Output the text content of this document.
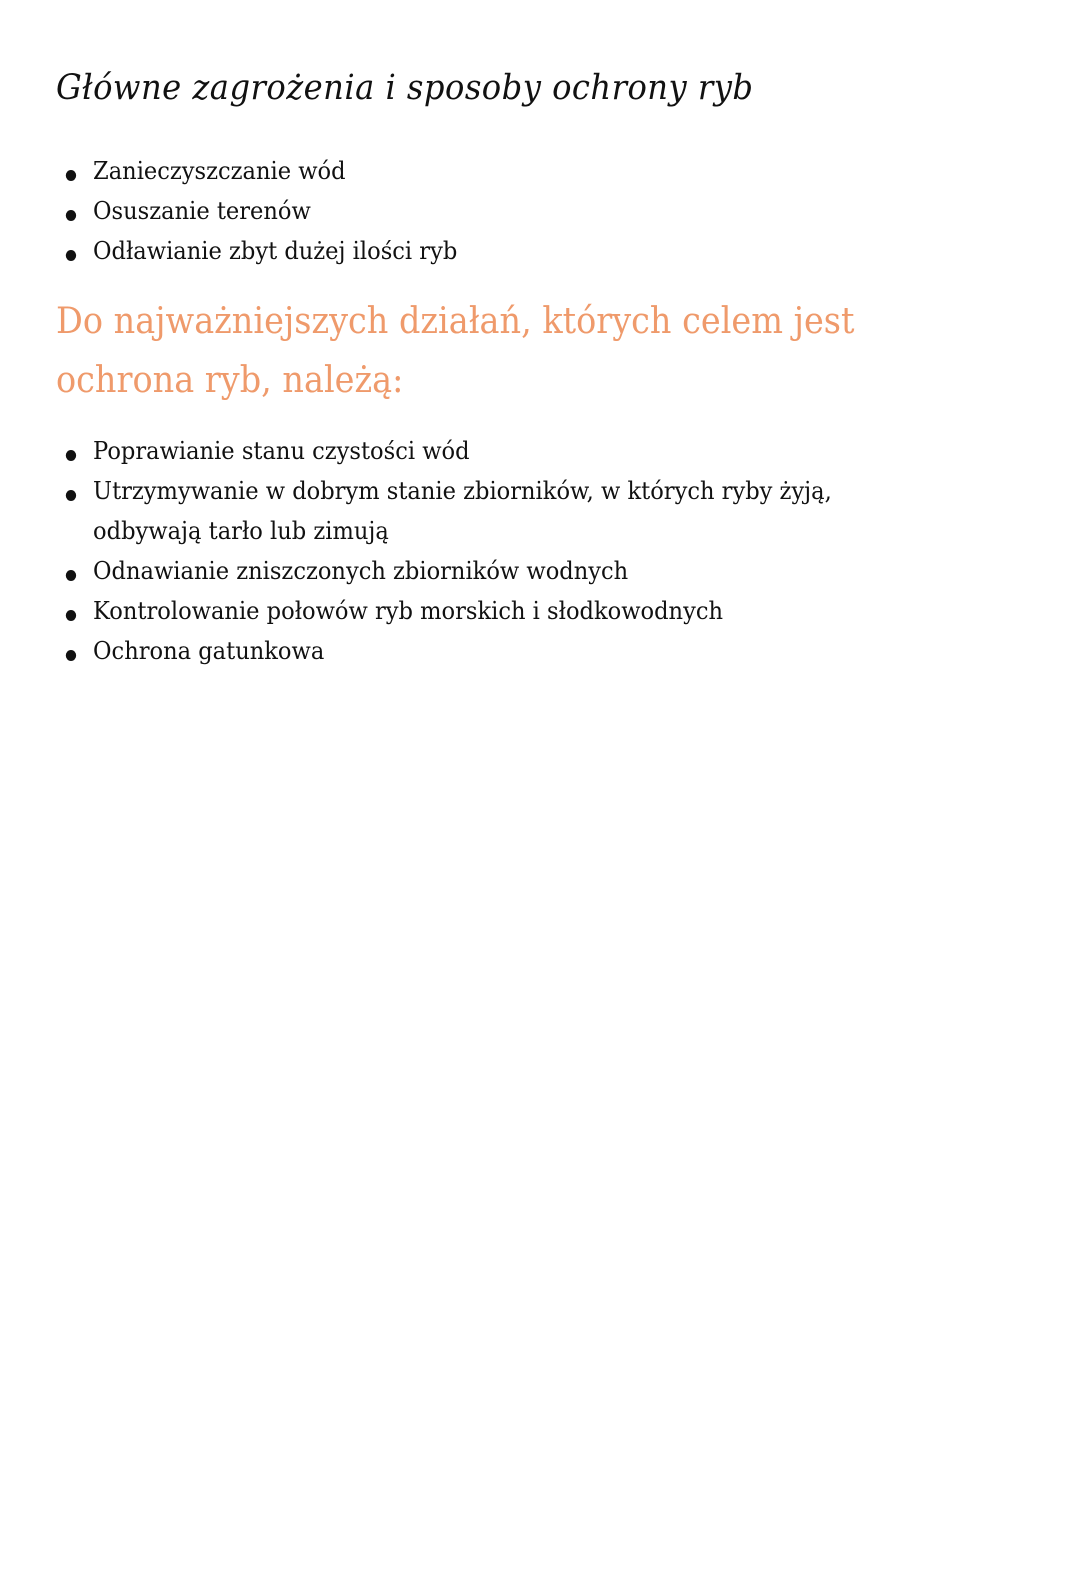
Główne zagrożenia i sposoby ochrony ryb
Zanieczyszczanie wód
Osuszanie terenów
Odławianie zbyt dużej ilości ryb
Do najważniejszych działań, których celem jest ochrona ryb, należą:
Poprawianie stanu czystości wód
Utrzymywanie w dobrym stanie zbiorników, w których ryby żyją, odbywają tarło lub zimują
Odnawianie zniszczonych zbiorników wodnych
Kontrolowanie połowów ryb morskich i słodkowodnych
Ochrona gatunkowa
